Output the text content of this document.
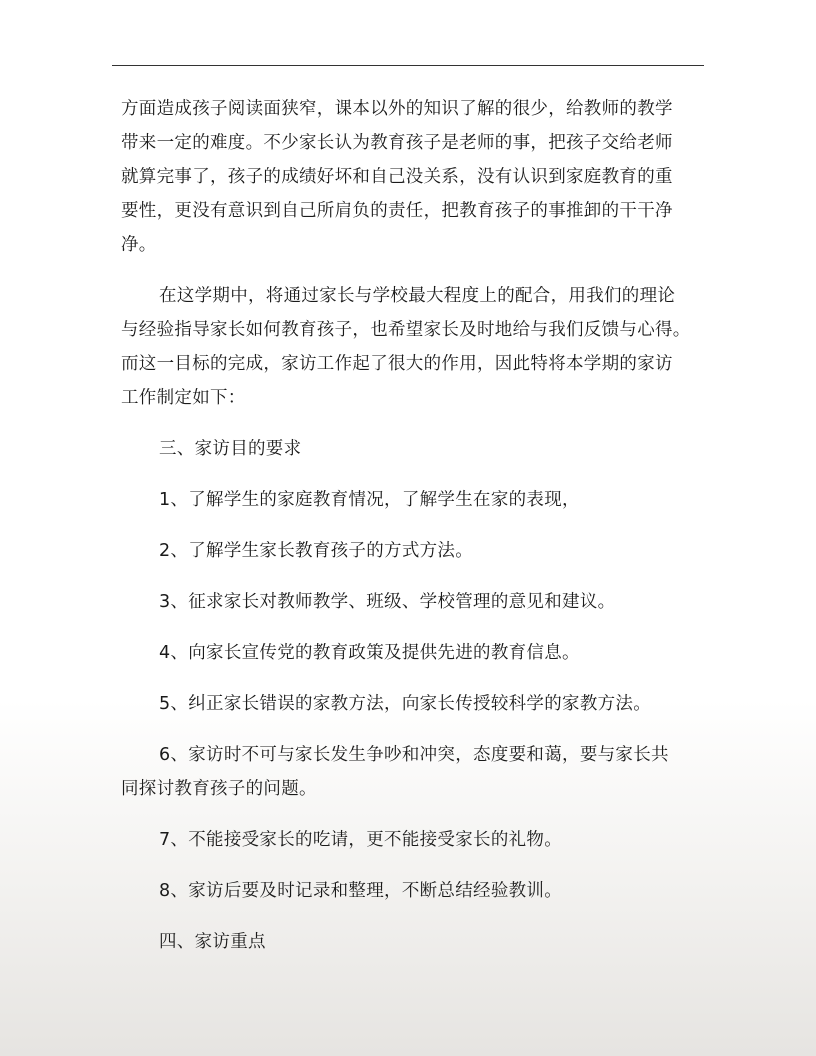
方面造成孩子阅读面狭窄，课本以外的知识了解的很少，给教师的教学
带来一定的难度。不少家长认为教育孩子是老师的事，把孩子交给老师
就算完事了，孩子的成绩好坏和自己没关系，没有认识到家庭教育的重
要性，更没有意识到自己所肩负的责任，把教育孩子的事推卸的干干净
净。

在这学期中，将通过家长与学校最大程度上的配合，用我们的理论
与经验指导家长如何教育孩子，也希望家长及时地给与我们反馈与心得。
而这一目标的完成，家访工作起了很大的作用，因此特将本学期的家访
工作制定如下：

三、家访目的要求

1、了解学生的家庭教育情况，了解学生在家的表现，

2、了解学生家长教育孩子的方式方法。

3、征求家长对教师教学、班级、学校管理的意见和建议。

4、向家长宣传党的教育政策及提供先进的教育信息。

5、纠正家长错误的家教方法，向家长传授较科学的家教方法。

6、家访时不可与家长发生争吵和冲突，态度要和蔼，要与家长共
同探讨教育孩子的问题。

7、不能接受家长的吃请，更不能接受家长的礼物。

8、家访后要及时记录和整理，不断总结经验教训。

四、家访重点
